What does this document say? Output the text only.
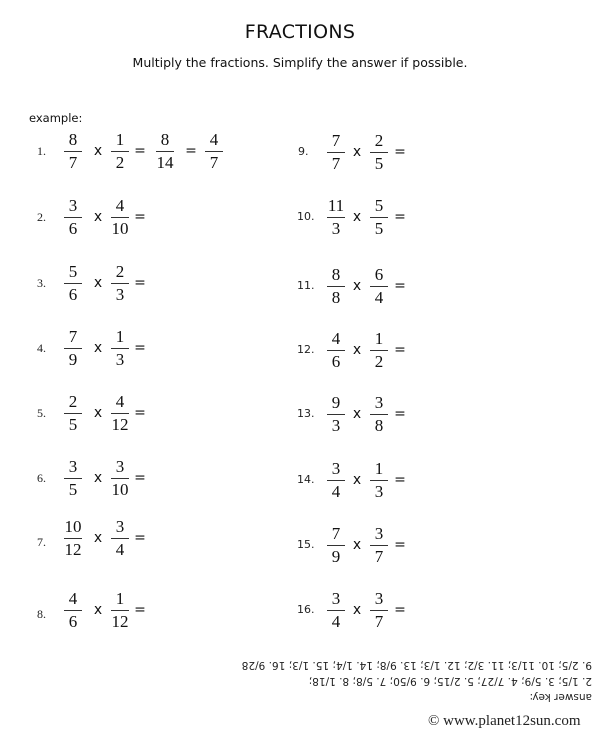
FRACTIONS
Multiply the fractions. Simplify the answer if possible.
example:
1.
8
7
x
1
2
=
8
14
=
4
7
2.
3
6
x
4
10
=
3.
5
6
x
2
3
=
4.
7
9
x
1
3
=
5.
2
5
x
4
12
=
6.
3
5
x
3
10
=
7.
10
12
x
3
4
=
8.
4
6
x
1
12
=
9.
7
7
x
2
5
=
10.
11
3
x
5
5
=
11.
8
8
x
6
4
=
12.
4
6
x
1
2
=
13.
9
3
x
3
8
=
14.
3
4
x
1
3
=
15.
7
9
x
3
7
=
16.
3
4
x
3
7
=
answer key:
2. 1/5; 3. 5/9; 4. 7/27; 5. 2/15; 6. 9/50; 7. 5/8; 8. 1/18;
9. 2/5; 10. 11/3; 11. 3/2; 12. 1/3; 13. 9/8; 14. 1/4; 15. 1/3; 16. 9/28
© www.planet12sun.com
